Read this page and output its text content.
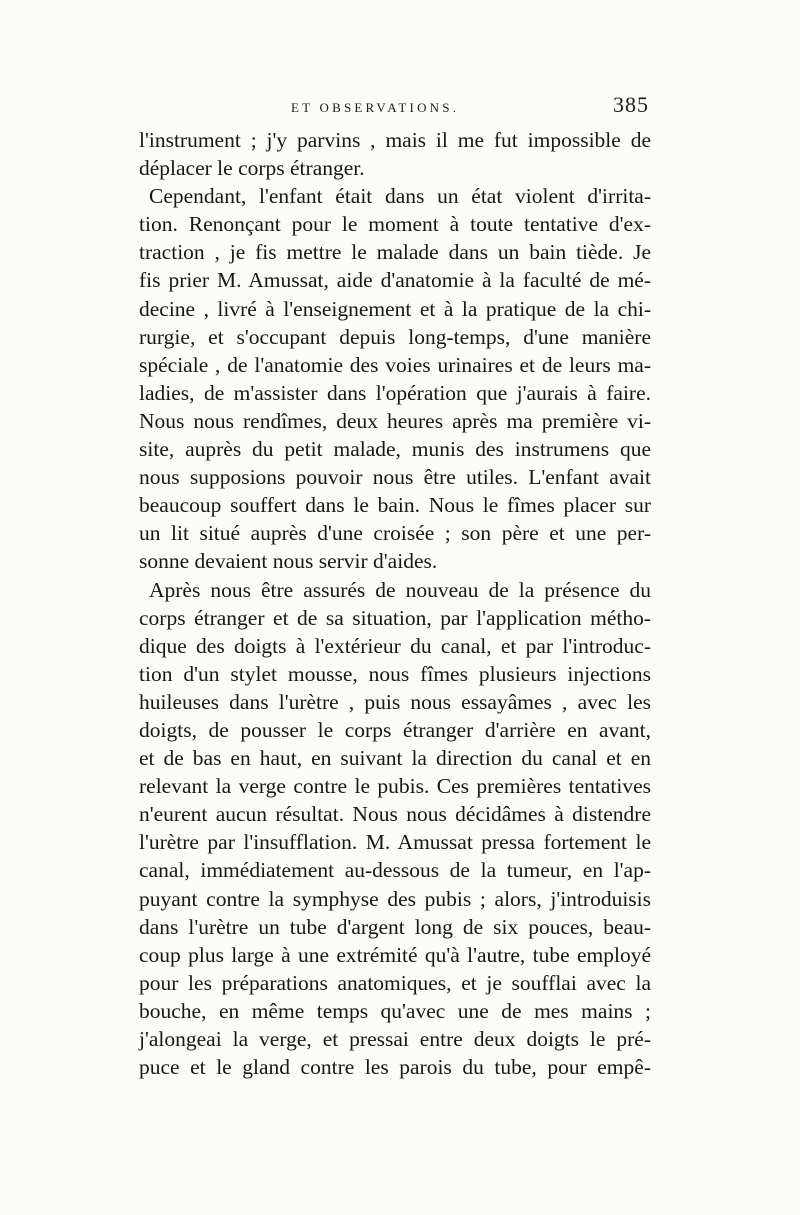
ET OBSERVATIONS.	385
l'instrument ; j'y parvins , mais il me fut impossible de
déplacer le corps étranger.
Cependant, l'enfant était dans un état violent d'irrita-
tion. Renonçant pour le moment à toute tentative d'ex-
traction , je fis mettre le malade dans un bain tiède. Je
fis prier M. Amussat, aide d'anatomie à la faculté de mé-
decine , livré à l'enseignement et à la pratique de la chi-
rurgie, et s'occupant depuis long-temps, d'une manière
spéciale , de l'anatomie des voies urinaires et de leurs ma-
ladies, de m'assister dans l'opération que j'aurais à faire.
Nous nous rendîmes, deux heures après ma première vi-
site, auprès du petit malade, munis des instrumens que
nous supposions pouvoir nous être utiles. L'enfant avait
beaucoup souffert dans le bain. Nous le fîmes placer sur
un lit situé auprès d'une croisée ; son père et une per-
sonne devaient nous servir d'aides.
Après nous être assurés de nouveau de la présence du
corps étranger et de sa situation, par l'application métho-
dique des doigts à l'extérieur du canal, et par l'introduc-
tion d'un stylet mousse, nous fîmes plusieurs injections
huileuses dans l'urètre , puis nous essayâmes , avec les
doigts, de pousser le corps étranger d'arrière en avant,
et de bas en haut, en suivant la direction du canal et en
relevant la verge contre le pubis. Ces premières tentatives
n'eurent aucun résultat. Nous nous décidâmes à distendre
l'urètre par l'insufflation. M. Amussat pressa fortement le
canal, immédiatement au-dessous de la tumeur, en l'ap-
puyant contre la symphyse des pubis ; alors, j'introduisis
dans l'urètre un tube d'argent long de six pouces, beau-
coup plus large à une extrémité qu'à l'autre, tube employé
pour les préparations anatomiques, et je soufflai avec la
bouche, en même temps qu'avec une de mes mains ;
j'alongeai la verge, et pressai entre deux doigts le pré-
puce et le gland contre les parois du tube, pour empê-
